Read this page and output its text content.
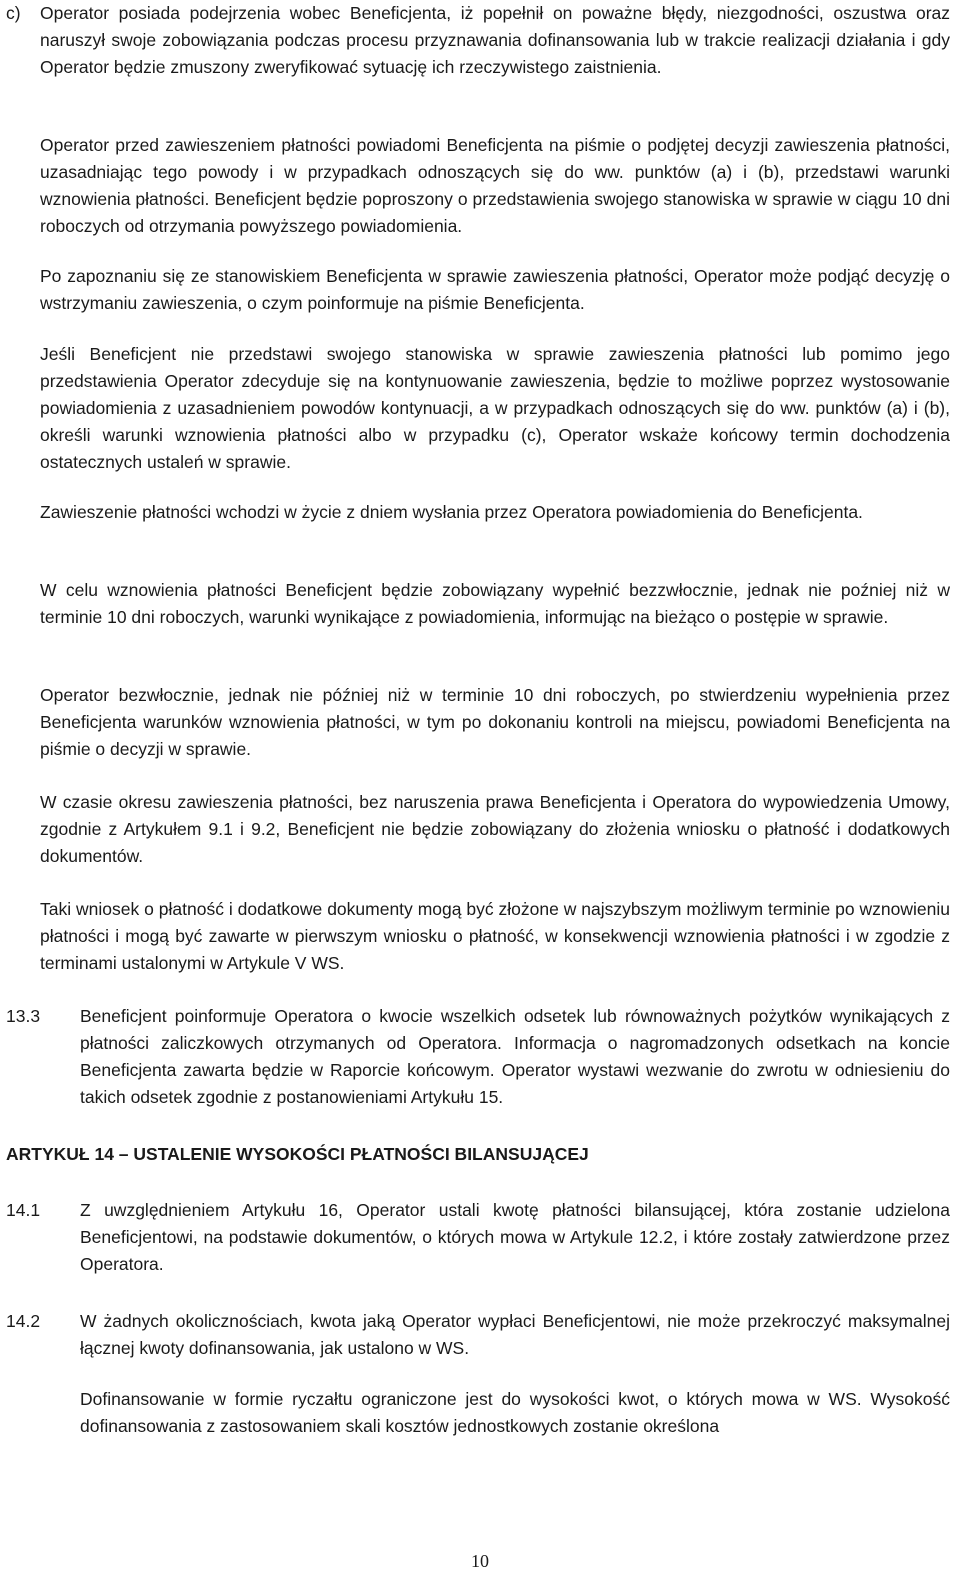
c) Operator posiada podejrzenia wobec Beneficjenta, iż popełnił on poważne błędy, niezgodności, oszustwa oraz naruszył swoje zobowiązania podczas procesu przyznawania dofinansowania lub w trakcie realizacji działania i gdy Operator będzie zmuszony zweryfikować sytuację ich rzeczywistego zaistnienia.
Operator przed zawieszeniem płatności powiadomi Beneficjenta na piśmie o podjętej decyzji zawieszenia płatności, uzasadniając tego powody i w przypadkach odnoszących się do ww. punktów (a) i (b), przedstawi warunki wznowienia płatności. Beneficjent będzie poproszony o przedstawienia swojego stanowiska w sprawie w ciągu 10 dni roboczych od otrzymania powyższego powiadomienia.
Po zapoznaniu się ze stanowiskiem Beneficjenta w sprawie zawieszenia płatności, Operator może podjąć decyzję o wstrzymaniu zawieszenia, o czym poinformuje na piśmie Beneficjenta.
Jeśli Beneficjent nie przedstawi swojego stanowiska w sprawie zawieszenia płatności lub pomimo jego przedstawienia Operator zdecyduje się na kontynuowanie zawieszenia, będzie to możliwe poprzez wystosowanie powiadomienia z uzasadnieniem powodów kontynuacji, a w przypadkach odnoszących się do ww. punktów (a) i (b), określi warunki wznowienia płatności albo w przypadku (c), Operator wskaże końcowy termin dochodzenia ostatecznych ustaleń w sprawie.
Zawieszenie płatności wchodzi w życie z dniem wysłania przez Operatora powiadomienia do Beneficjenta.
W celu wznowienia płatności Beneficjent będzie zobowiązany wypełnić bezzwłocznie, jednak nie poźniej niż w terminie 10 dni roboczych, warunki wynikające z powiadomienia, informując na bieżąco o postępie w sprawie.
Operator bezwłocznie, jednak nie później niż w terminie 10 dni roboczych, po stwierdzeniu wypełnienia przez Beneficjenta warunków wznowienia płatności, w tym po dokonaniu kontroli na miejscu, powiadomi Beneficjenta na piśmie o decyzji w sprawie.
W czasie okresu zawieszenia płatności, bez naruszenia prawa Beneficjenta i Operatora do wypowiedzenia Umowy, zgodnie z Artykułem 9.1 i 9.2, Beneficjent nie będzie zobowiązany do złożenia wniosku o płatność i dodatkowych dokumentów.
Taki wniosek o płatność i dodatkowe dokumenty mogą być złożone w najszybszym możliwym terminie po wznowieniu płatności i mogą być zawarte w pierwszym wniosku o płatność, w konsekwencji wznowienia płatności i w zgodzie z terminami ustalonymi w Artykule V WS.
13.3 Beneficjent poinformuje Operatora o kwocie wszelkich odsetek lub równoważnych pożytków wynikających z płatności zaliczkowych otrzymanych od Operatora. Informacja o nagromadzonych odsetkach na koncie Beneficjenta zawarta będzie w Raporcie końcowym. Operator wystawi wezwanie do zwrotu w odniesieniu do takich odsetek zgodnie z postanowieniami Artykułu 15.
ARTYKUŁ 14 – USTALENIE WYSOKOŚCI PŁATNOŚCI BILANSUJĄCEJ
14.1 Z uwzględnieniem Artykułu 16, Operator ustali kwotę płatności bilansującej, która zostanie udzielona Beneficjentowi, na podstawie dokumentów, o których mowa w Artykule 12.2, i które zostały zatwierdzone przez Operatora.
14.2 W żadnych okolicznościach, kwota jaką Operator wypłaci Beneficjentowi, nie może przekroczyć maksymalnej łącznej kwoty dofinansowania, jak ustalono w WS.
Dofinansowanie w formie ryczałtu ograniczone jest do wysokości kwot, o których mowa w WS. Wysokość dofinansowania z zastosowaniem skali kosztów jednostkowych zostanie określona
10
